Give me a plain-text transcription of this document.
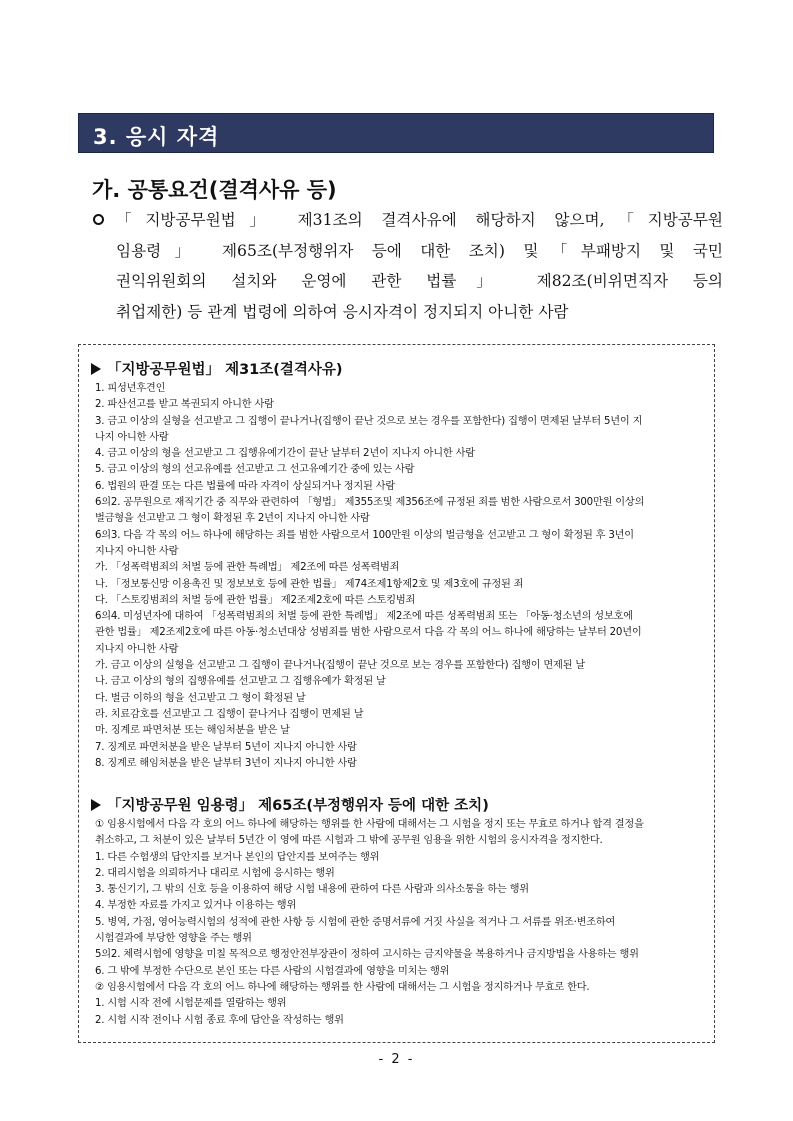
3. 응시 자격
가. 공통요건(결격사유 등)
「지방공무원법」 제31조의 결격사유에 해당하지 않으며,「지방공무원
임용령」 제65조(부정행위자 등에 대한 조치) 및「부패방지 및 국민
권익위원회의 설치와 운영에 관한 법률」 제82조(비위면직자 등의
취업제한) 등 관계 법령에 의하여 응시자격이 정지되지 아니한 사람
「지방공무원법」 제31조(결격사유)
1. 피성년후견인
2. 파산선고를 받고 복권되지 아니한 사람
3. 금고 이상의 실형을 선고받고 그 집행이 끝나거나(집행이 끝난 것으로 보는 경우를 포함한다) 집행이 면제된 날부터 5년이 지
나지 아니한 사람
4. 금고 이상의 형을 선고받고 그 집행유예기간이 끝난 날부터 2년이 지나지 아니한 사람
5. 금고 이상의 형의 선고유예를 선고받고 그 선고유예기간 중에 있는 사람
6. 법원의 판결 또는 다른 법률에 따라 자격이 상실되거나 정지된 사람
6의2. 공무원으로 재직기간 중 직무와 관련하여 「형법」 제355조및 제356조에 규정된 죄를 범한 사람으로서 300만원 이상의
벌금형을 선고받고 그 형이 확정된 후 2년이 지나지 아니한 사람
6의3. 다음 각 목의 어느 하나에 해당하는 죄를 범한 사람으로서 100만원 이상의 벌금형을 선고받고 그 형이 확정된 후 3년이
지나지 아니한 사람
가. 「성폭력범죄의 처벌 등에 관한 특례법」 제2조에 따른 성폭력범죄
나. 「정보통신망 이용촉진 및 정보보호 등에 관한 법률」 제74조제1항제2호 및 제3호에 규정된 죄
다. 「스토킹범죄의 처벌 등에 관한 법률」 제2조제2호에 따른 스토킹범죄
6의4. 미성년자에 대하여 「성폭력범죄의 처벌 등에 관한 특례법」 제2조에 따른 성폭력범죄 또는 「아동·청소년의 성보호에
관한 법률」 제2조제2호에 따른 아동·청소년대상 성범죄를 범한 사람으로서 다음 각 목의 어느 하나에 해당하는 날부터 20년이
지나지 아니한 사람
가. 금고 이상의 실형을 선고받고 그 집행이 끝나거나(집행이 끝난 것으로 보는 경우를 포함한다) 집행이 면제된 날
나. 금고 이상의 형의 집행유예를 선고받고 그 집행유예가 확정된 날
다. 벌금 이하의 형을 선고받고 그 형이 확정된 날
라. 치료감호를 선고받고 그 집행이 끝나거나 집행이 면제된 날
마. 징계로 파면처분 또는 해임처분을 받은 날
7. 징계로 파면처분을 받은 날부터 5년이 지나지 아니한 사람
8. 징계로 해임처분을 받은 날부터 3년이 지나지 아니한 사람
「지방공무원 임용령」 제65조(부정행위자 등에 대한 조치)
① 임용시험에서 다음 각 호의 어느 하나에 해당하는 행위를 한 사람에 대해서는 그 시험을 정지 또는 무효로 하거나 합격 결정을
취소하고, 그 처분이 있은 날부터 5년간 이 영에 따른 시험과 그 밖에 공무원 임용을 위한 시험의 응시자격을 정지한다.
1. 다른 수험생의 답안지를 보거나 본인의 답안지를 보여주는 행위
2. 대리시험을 의뢰하거나 대리로 시험에 응시하는 행위
3. 통신기기, 그 밖의 신호 등을 이용하여 해당 시험 내용에 관하여 다른 사람과 의사소통을 하는 행위
4. 부정한 자료를 가지고 있거나 이용하는 행위
5. 병역, 가점, 영어능력시험의 성적에 관한 사항 등 시험에 관한 증명서류에 거짓 사실을 적거나 그 서류를 위조·변조하여
시험결과에 부당한 영향을 주는 행위
5의2. 체력시험에 영향을 미칠 목적으로 행정안전부장관이 정하여 고시하는 금지약물을 복용하거나 금지방법을 사용하는 행위
6. 그 밖에 부정한 수단으로 본인 또는 다른 사람의 시험결과에 영향을 미치는 행위
② 임용시험에서 다음 각 호의 어느 하나에 해당하는 행위를 한 사람에 대해서는 그 시험을 정지하거나 무효로 한다.
1. 시험 시작 전에 시험문제를 열람하는 행위
2. 시험 시작 전이나 시험 종료 후에 답안을 작성하는 행위
- 2 -
